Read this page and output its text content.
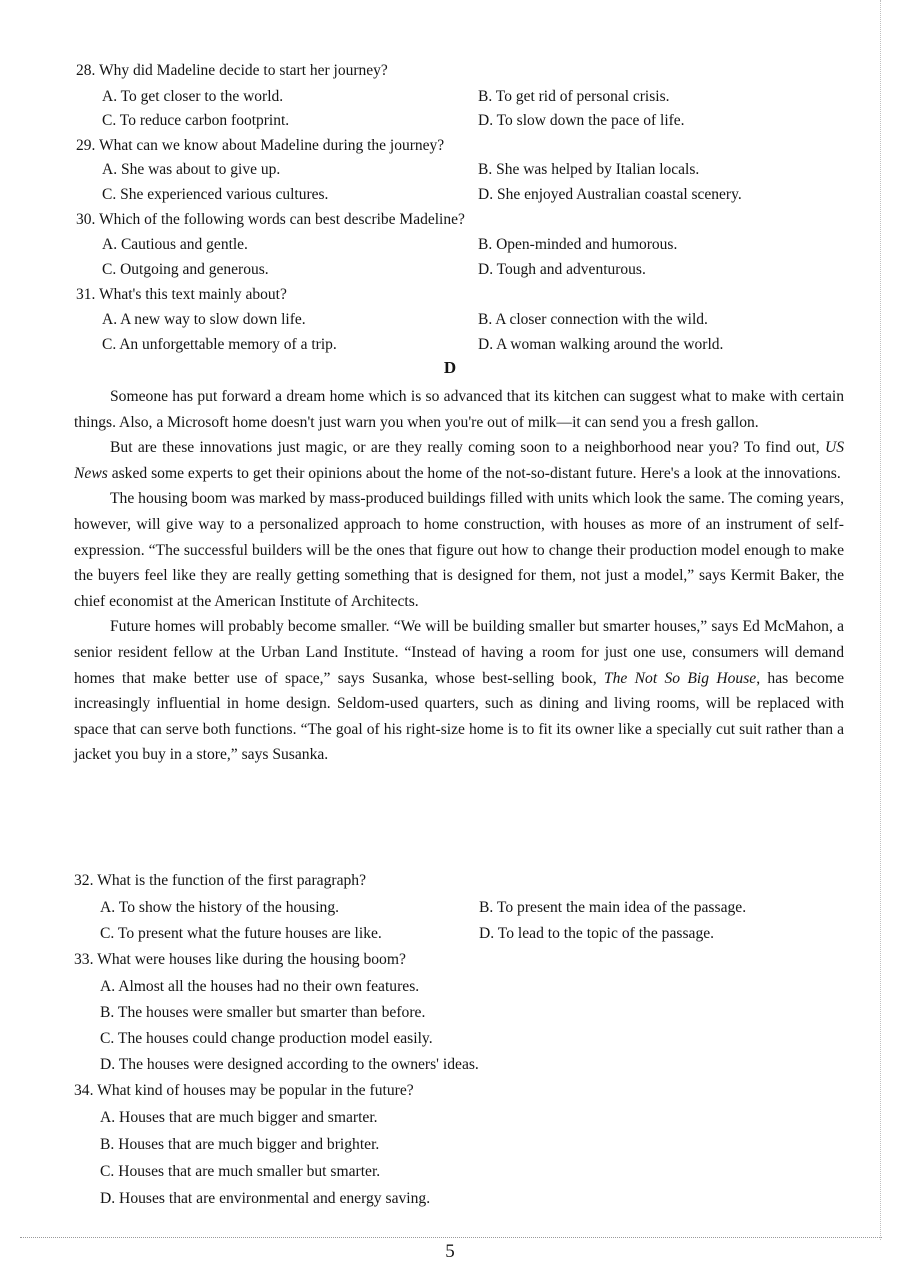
28. Why did Madeline decide to start her journey?
A. To get closer to the world.	B. To get rid of personal crisis.
C. To reduce carbon footprint.	D. To slow down the pace of life.
29. What can we know about Madeline during the journey?
A. She was about to give up.	B. She was helped by Italian locals.
C. She experienced various cultures.	D. She enjoyed Australian coastal scenery.
30. Which of the following words can best describe Madeline?
A. Cautious and gentle.	B. Open-minded and humorous.
C. Outgoing and generous.	D. Tough and adventurous.
31. What's this text mainly about?
A. A new way to slow down life.	B. A closer connection with the wild.
C. An unforgettable memory of a trip.	D. A woman walking around the world.
D

Someone has put forward a dream home which is so advanced that its kitchen can suggest what to make with certain things. Also, a Microsoft home doesn't just warn you when you're out of milk—it can send you a fresh gallon.

But are these innovations just magic, or are they really coming soon to a neighborhood near you? To find out, US News asked some experts to get their opinions about the home of the not-so-distant future. Here's a look at the innovations.

The housing boom was marked by mass-produced buildings filled with units which look the same. The coming years, however, will give way to a personalized approach to home construction, with houses as more of an instrument of self-expression. “The successful builders will be the ones that figure out how to change their production model enough to make the buyers feel like they are really getting something that is designed for them, not just a model,” says Kermit Baker, the chief economist at the American Institute of Architects.

Future homes will probably become smaller. “We will be building smaller but smarter houses,” says Ed McMahon, a senior resident fellow at the Urban Land Institute. “Instead of having a room for just one use, consumers will demand homes that make better use of space,” says Susanka, whose best-selling book, The Not So Big House, has become increasingly influential in home design. Seldom-used quarters, such as dining and living rooms, will be replaced with space that can serve both functions. “The goal of his right-size home is to fit its owner like a specially cut suit rather than a jacket you buy in a store,” says Susanka.

32. What is the function of the first paragraph?
A. To show the history of the housing.	B. To present the main idea of the passage.
C. To present what the future houses are like.	D. To lead to the topic of the passage.
33. What were houses like during the housing boom?
A. Almost all the houses had no their own features.
B. The houses were smaller but smarter than before.
C. The houses could change production model easily.
D. The houses were designed according to the owners' ideas.
34. What kind of houses may be popular in the future?
A. Houses that are much bigger and smarter.
B. Houses that are much bigger and brighter.
C. Houses that are much smaller but smarter.
D. Houses that are environmental and energy saving.
5
